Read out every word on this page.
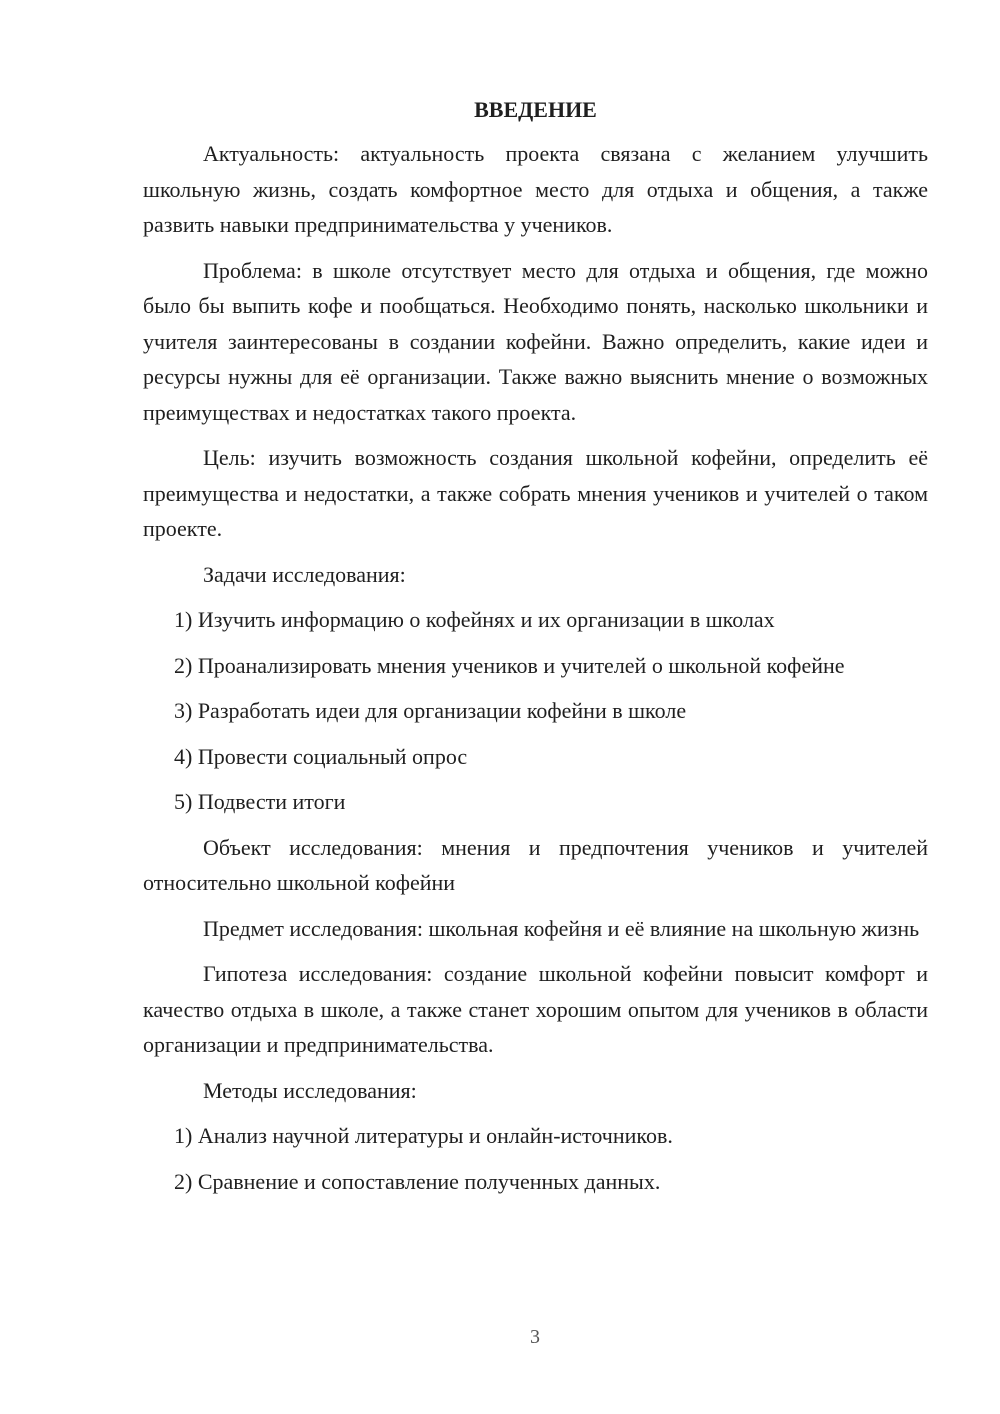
ВВЕДЕНИЕ

Актуальность: актуальность проекта связана с желанием улучшить школьную жизнь, создать комфортное место для отдыха и общения, а также развить навыки предпринимательства у учеников.

Проблема: в школе отсутствует место для отдыха и общения, где можно было бы выпить кофе и пообщаться. Необходимо понять, насколько школьники и учителя заинтересованы в создании кофейни. Важно определить, какие идеи и ресурсы нужны для её организации. Также важно выяснить мнение о возможных преимуществах и недостатках такого проекта.

Цель: изучить возможность создания школьной кофейни, определить её преимущества и недостатки, а также собрать мнения учеников и учителей о таком проекте.

Задачи исследования:

1) Изучить информацию о кофейнях и их организации в школах

2) Проанализировать мнения учеников и учителей о школьной кофейне

3) Разработать идеи для организации кофейни в школе

4) Провести социальный опрос

5) Подвести итоги

Объект исследования: мнения и предпочтения учеников и учителей относительно школьной кофейни

Предмет исследования: школьная кофейня и её влияние на школьную жизнь

Гипотеза исследования: создание школьной кофейни повысит комфорт и качество отдыха в школе, а также станет хорошим опытом для учеников в области организации и предпринимательства.

Методы исследования:

1) Анализ научной литературы и онлайн-источников.

2) Сравнение и сопоставление полученных данных.

3
